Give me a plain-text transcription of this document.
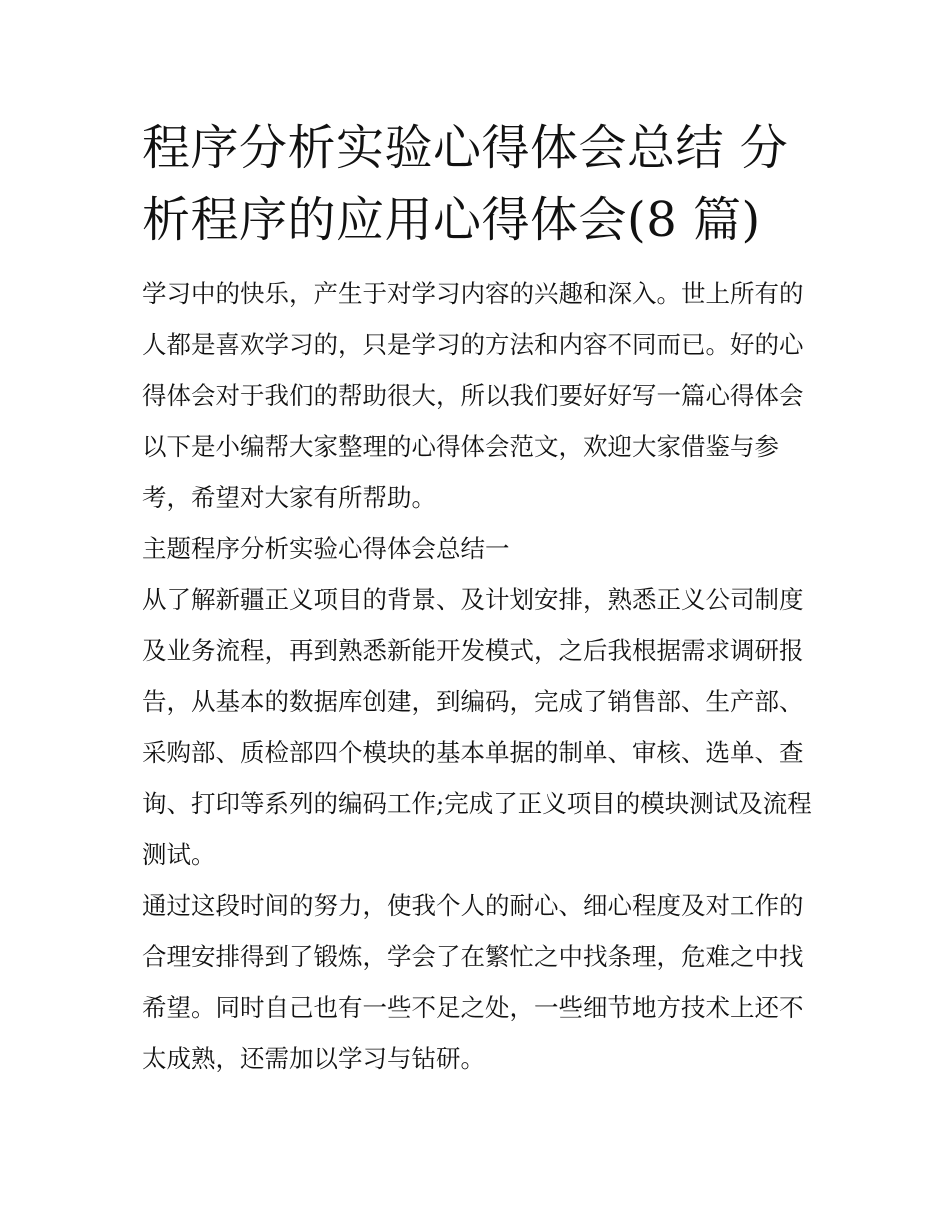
程序分析实验心得体会总结 分析程序的应用心得体会(8 篇)

学习中的快乐，产生于对学习内容的兴趣和深入。世上所有的人都是喜欢学习的，只是学习的方法和内容不同而已。好的心得体会对于我们的帮助很大，所以我们要好好写一篇心得体会以下是小编帮大家整理的心得体会范文，欢迎大家借鉴与参考，希望对大家有所帮助。

主题程序分析实验心得体会总结一

从了解新疆正义项目的背景、及计划安排，熟悉正义公司制度及业务流程，再到熟悉新能开发模式，之后我根据需求调研报告，从基本的数据库创建，到编码，完成了销售部、生产部、采购部、质检部四个模块的基本单据的制单、审核、选单、查询、打印等系列的编码工作;完成了正义项目的模块测试及流程测试。

通过这段时间的努力，使我个人的耐心、细心程度及对工作的合理安排得到了锻炼，学会了在繁忙之中找条理，危难之中找希望。同时自己也有一些不足之处，一些细节地方技术上还不太成熟，还需加以学习与钻研。
